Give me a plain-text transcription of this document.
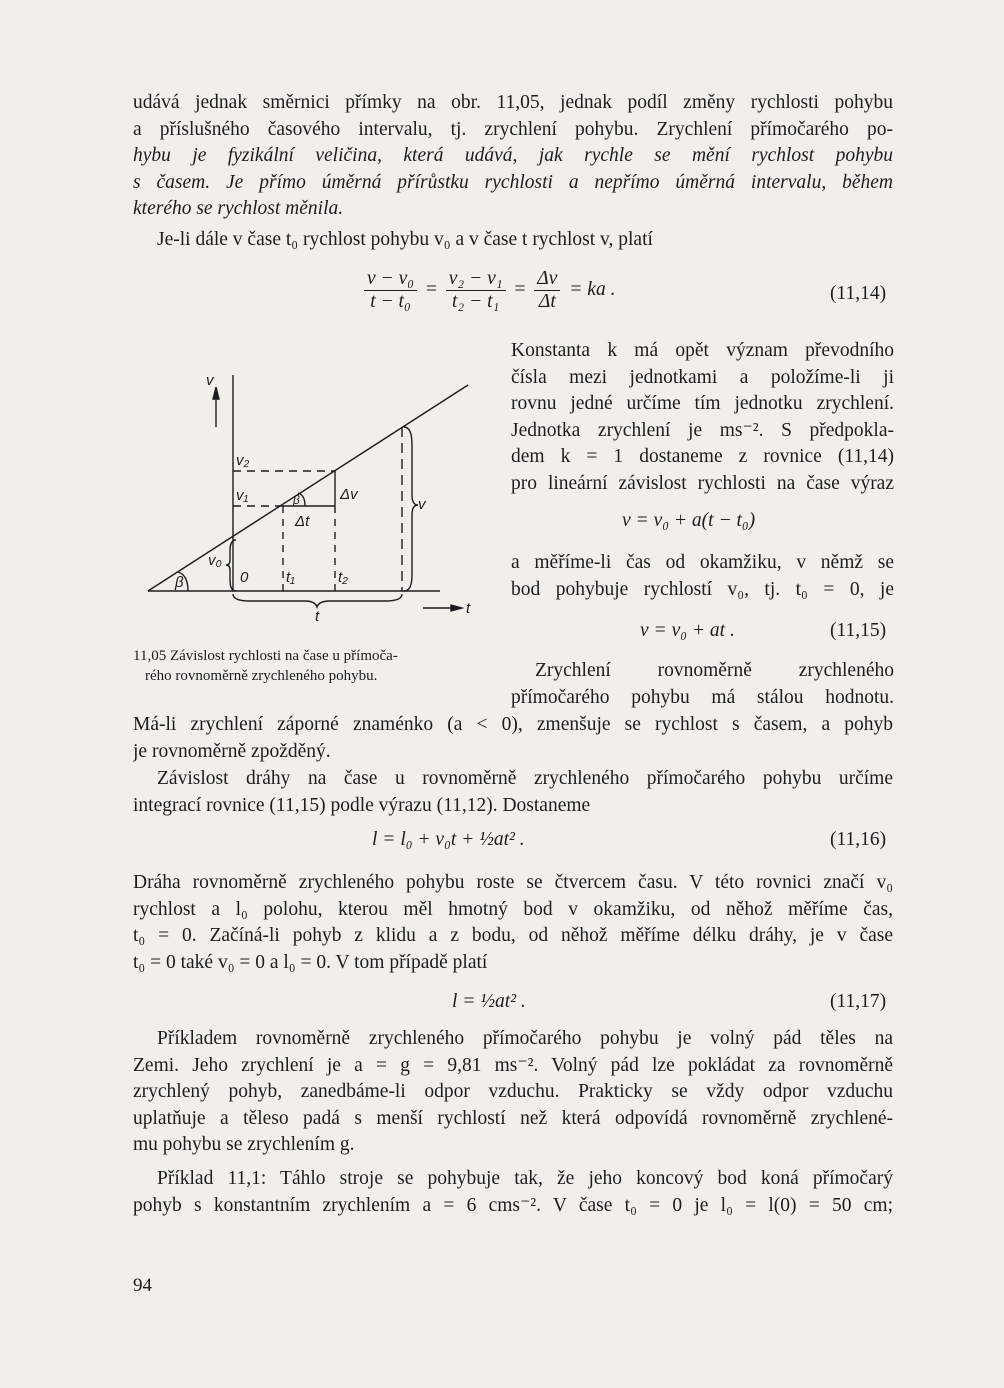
udává jednak směrnici přímky na obr. 11,05, jednak podíl změny rychlosti pohybu
a příslušného časového intervalu, tj. zrychlení pohybu. Zrychlení přímočarého po-
hybu je fyzikální veličina, která udává, jak rychle se mění rychlost pohybu
s časem. Je přímo úměrná přírůstku rychlosti a nepřímo úměrná intervalu, během
kterého se rychlost měnila.
Je-li dále v čase t₀ rychlost pohybu v₀ a v čase t rychlost v, platí
$\frac{\text{v − v₀}}{\text{t − t₀}} = \frac{\text{v₂ − v₁}}{\text{t₂ − t₁}} = \frac{\Delta v}{\Delta t}$ = ka .	(11,14)
Konstanta k má opět význam převodního
čísla mezi jednotkami a položíme-li ji
rovnu jedné určíme tím jednotku zrychlení.
Jednotka zrychlení je ms⁻². S předpokla-
dem k = 1 dostaneme z rovnice (11,14)
pro lineární závislost rychlosti na čase výraz
v = v₀ + a(t − t₀)
a měříme-li čas od okamžiku, v němž se
bod pohybuje rychlostí v₀, tj. t₀ = 0, je
v = v₀ + at .	(11,15)
Zrychlení rovnoměrně zrychleného
přímočarého pohybu má stálou hodnotu.
v
v₂
v₁
v₀
0	t₁	t₂
Δv
Δt
v
t	t
β
β
11,05 Závislost rychlosti na čase u přímoča-
rého rovnoměrně zrychleného pohybu.
Má-li zrychlení záporné znaménko (a < 0), zmenšuje se rychlost s časem, a pohyb
je rovnoměrně zpožděný.
Závislost dráhy na čase u rovnoměrně zrychleného přímočarého pohybu určíme
integrací rovnice (11,15) podle výrazu (11,12). Dostaneme
l = l₀ + v₀t + ½at² .	(11,16)
Dráha rovnoměrně zrychleného pohybu roste se čtvercem času. V této rovnici značí v₀
rychlost a l₀ polohu, kterou měl hmotný bod v okamžiku, od něhož měříme čas,
t₀ = 0. Začíná-li pohyb z klidu a z bodu, od něhož měříme délku dráhy, je v čase
t₀ = 0 také v₀ = 0 a l₀ = 0. V tom případě platí
l = ½at² .	(11,17)
Příkladem rovnoměrně zrychleného přímočarého pohybu je volný pád těles na
Zemi. Jeho zrychlení je a = g = 9,81 ms⁻². Volný pád lze pokládat za rovnoměrně
zrychlený pohyb, zanedbáme-li odpor vzduchu. Prakticky se vždy odpor vzduchu
uplatňuje a těleso padá s menší rychlostí než která odpovídá rovnoměrně zrychlené-
mu pohybu se zrychlením g.
Příklad 11,1: Táhlo stroje se pohybuje tak, že jeho koncový bod koná přímočarý
pohyb s konstantním zrychlením a = 6 cms⁻². V čase t₀ = 0 je l₀ = l(0) = 50 cm;
94
